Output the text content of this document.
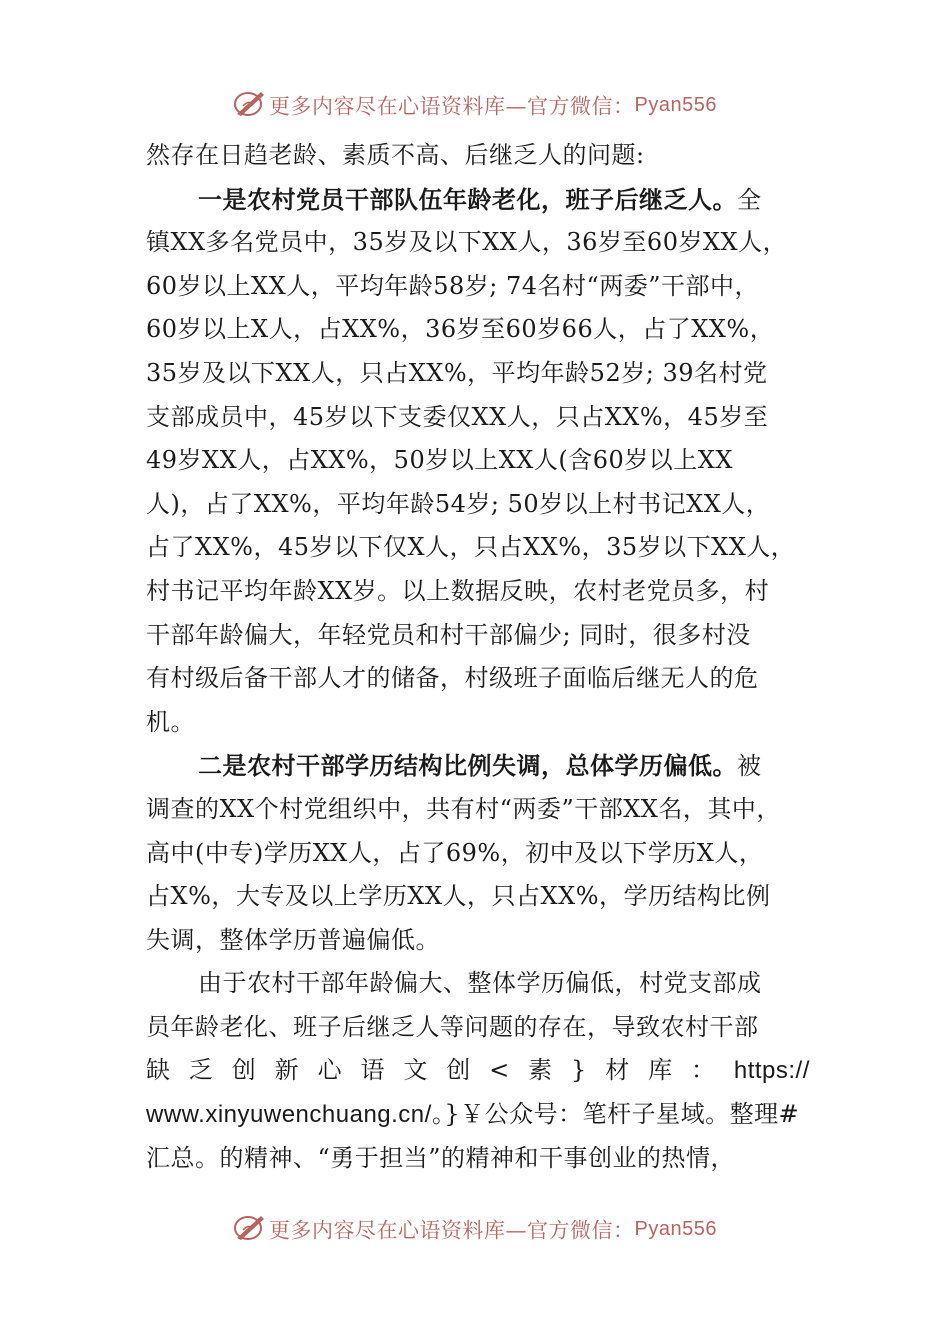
更多内容尽在心语资料库—官方微信：Pyan556
然存在日趋老龄、素质不高、后继乏人的问题:
一是农村党员干部队伍年龄老化，班子后继乏人。全
镇XX多名党员中，35岁及以下XX人，36岁至60岁XX人，
60岁以上XX人，平均年龄58岁; 74名村“两委”干部中，
60岁以上X人，占XX%，36岁至60岁66人，占了XX%，
35岁及以下XX人，只占XX%，平均年龄52岁; 39名村党
支部成员中，45岁以下支委仅XX人，只占XX%，45岁至
49岁XX人，占XX%，50岁以上XX人(含60岁以上XX
人)，占了XX%，平均年龄54岁; 50岁以上村书记XX人，
占了XX%，45岁以下仅X人，只占XX%，35岁以下XX人，
村书记平均年龄XX岁。以上数据反映，农村老党员多，村
干部年龄偏大，年轻党员和村干部偏少; 同时，很多村没
有村级后备干部人才的储备，村级班子面临后继无人的危
机。
二是农村干部学历结构比例失调，总体学历偏低。被
调查的XX个村党组织中，共有村“两委”干部XX名，其中，
高中(中专)学历XX人，占了69%，初中及以下学历X人，
占X%，大专及以上学历XX人，只占XX%，学历结构比例
失调，整体学历普遍偏低。
由于农村干部年龄偏大、整体学历偏低，村党支部成
员年龄老化、班子后继乏人等问题的存在，导致农村干部
缺 乏 创 新 心 语 文 创 < 素 } 材 库 ： https://
www.xinyuwenchuang.cn/。}￥公众号：笔杆子星域。整理#
汇总。的精神、“勇于担当”的精神和干事创业的热情，
更多内容尽在心语资料库—官方微信：Pyan556
